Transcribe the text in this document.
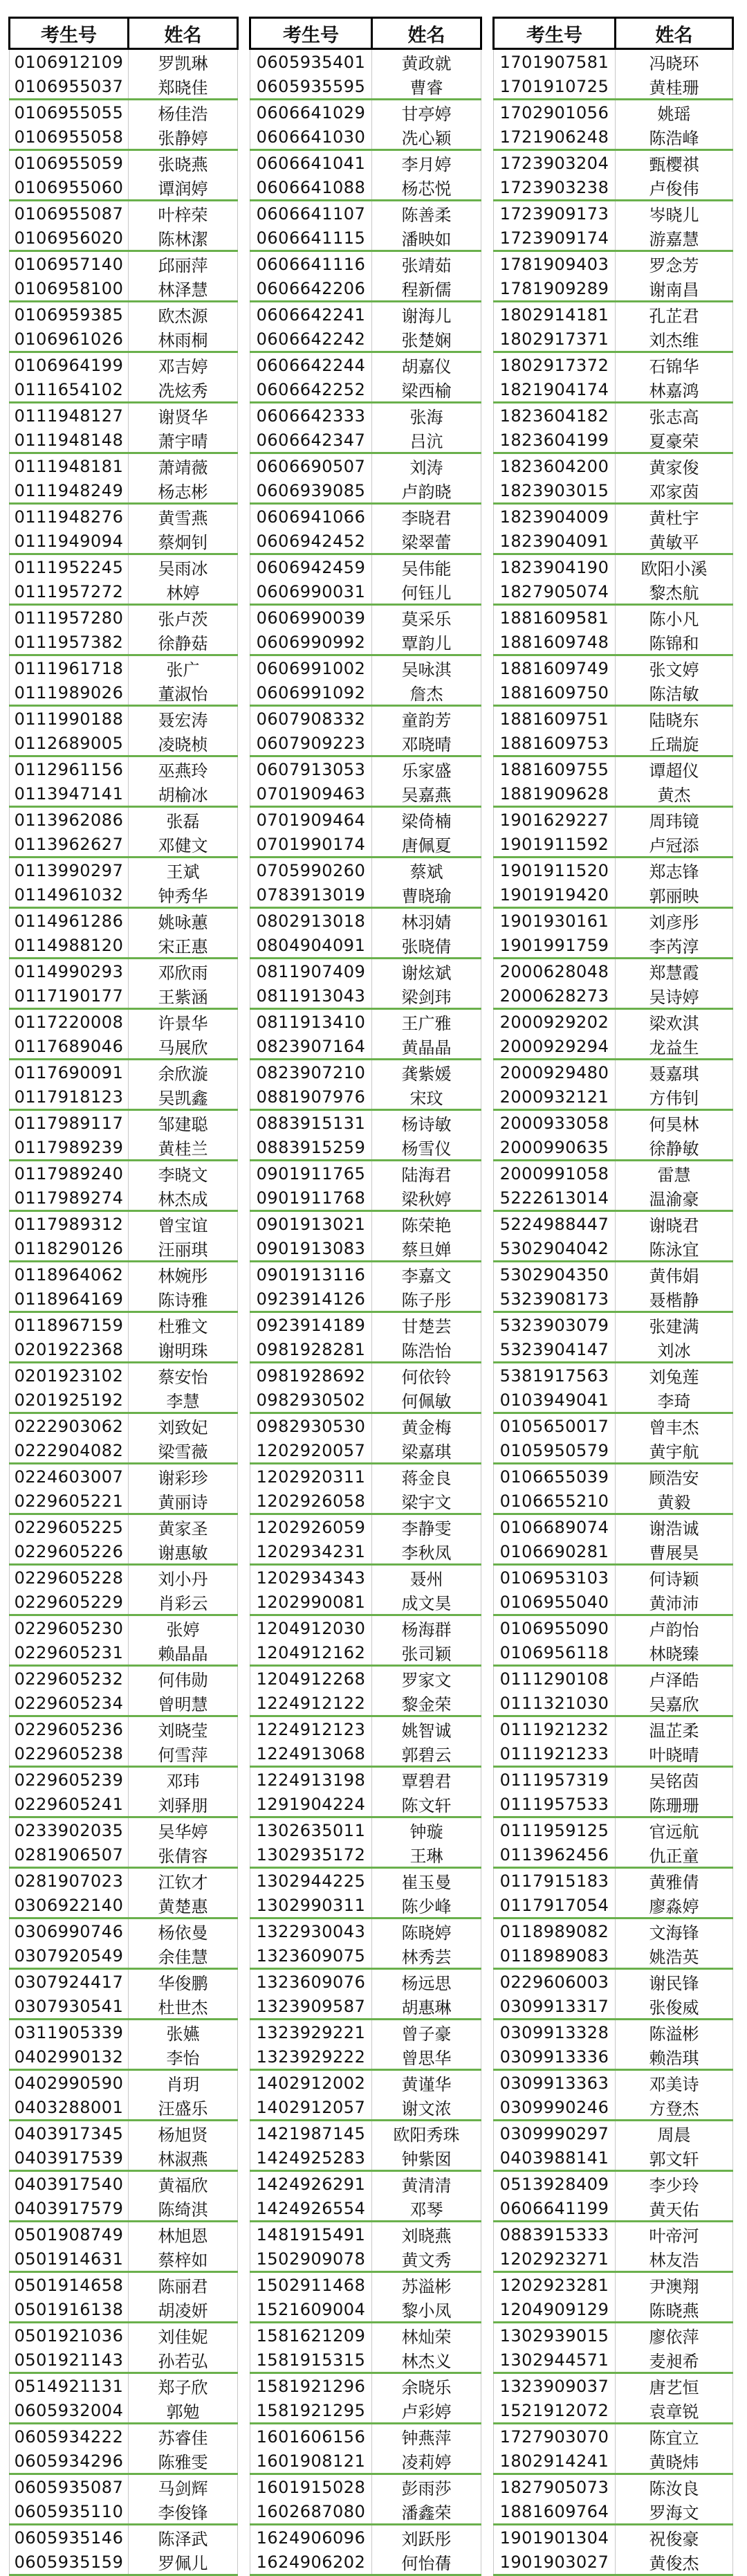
考生号	姓名
0106912109	罗凯琳
0106955037	郑晓佳
0106955055	杨佳浩
0106955058	张静婷
0106955059	张晓燕
0106955060	谭润婷
0106955087	叶梓荣
0106956020	陈林潔
0106957140	邱丽萍
0106958100	林泽慧
0106959385	欧杰源
0106961026	林雨桐
0106964199	邓吉婷
0111654102	冼炫秀
0111948127	谢贤华
0111948148	萧宇晴
0111948181	萧靖薇
0111948249	杨志彬
0111948276	黄雪燕
0111949094	蔡炯钊
0111952245	吴雨冰
0111957272	林婷
0111957280	张卢茨
0111957382	徐静菇
0111961718	张广
0111989026	董淑怡
0111990188	聂宏涛
0112689005	凌晓桢
0112961156	巫燕玲
0113947141	胡榆冰
0113962086	张磊
0113962627	邓健文
0113990297	王斌
0114961032	钟秀华
0114961286	姚咏蕙
0114988120	宋正惠
0114990293	邓欣雨
0117190177	王紫涵
0117220008	许景华
0117689046	马展欣
0117690091	余欣漩
0117918123	吴凯鑫
0117989117	邹建聪
0117989239	黄桂兰
0117989240	李晓文
0117989274	林杰成
0117989312	曾宝谊
0118290126	汪丽琪
0118964062	林婉彤
0118964169	陈诗雅
0118967159	杜雅文
0201922368	谢明珠
0201923102	蔡安怡
0201925192	李慧
0222903062	刘致妃
0222904082	梁雪薇
0224603007	谢彩珍
0229605221	黄丽诗
0229605225	黄家圣
0229605226	谢惠敏
0229605228	刘小丹
0229605229	肖彩云
0229605230	张婷
0229605231	赖晶晶
0229605232	何伟勋
0229605234	曾明慧
0229605236	刘晓莹
0229605238	何雪萍
0229605239	邓玮
0229605241	刘驿朋
0233902035	吴华婷
0281906507	张倩容
0281907023	江钦才
0306922140	黄楚惠
0306990746	杨依曼
0307920549	余佳慧
0307924417	华俊鹏
0307930541	杜世杰
0311905339	张嬿
0402990132	李怡
0402990590	肖玥
0403288001	汪盛乐
0403917345	杨旭贤
0403917539	林淑燕
0403917540	黄福欣
0403917579	陈绮淇
0501908749	林旭恩
0501914631	蔡梓如
0501914658	陈丽君
0501916138	胡凌妍
0501921036	刘佳妮
0501921143	孙若弘
0514921131	郑子欣
0605932004	郭勉
0605934222	苏睿佳
0605934296	陈雅雯
0605935087	马剑辉
0605935110	李俊锋
0605935146	陈泽武
0605935159	罗佩儿
考生号	姓名
0605935401	黄政就
0605935595	曹睿
0606641029	甘亭婷
0606641030	冼心颖
0606641041	李月婷
0606641088	杨芯悦
0606641107	陈善柔
0606641115	潘映如
0606641116	张靖茹
0606642206	程新儒
0606642241	谢海儿
0606642242	张楚娴
0606642244	胡嘉仪
0606642252	梁西榆
0606642333	张海
0606642347	吕沆
0606690507	刘涛
0606939085	卢韵晓
0606941066	李晓君
0606942452	梁翠蕾
0606942459	吴伟能
0606990031	何钰儿
0606990039	莫采乐
0606990992	覃韵儿
0606991002	吴咏淇
0606991092	詹杰
0607908332	童韵芳
0607909223	邓晓晴
0607913053	乐家盛
0701909463	吴嘉燕
0701909464	梁倚楠
0701990174	唐佩夏
0705990260	蔡斌
0783913019	曹晓瑜
0802913018	林羽婧
0804904091	张晓倩
0811907409	谢炫斌
0811913043	梁剑玮
0811913410	王广雅
0823907164	黄晶晶
0823907210	龚紫媛
0881907976	宋玟
0883915131	杨诗敏
0883915259	杨雪仪
0901911765	陆海君
0901911768	梁秋婷
0901913021	陈荣艳
0901913083	蔡旦婵
0901913116	李嘉文
0923914126	陈子彤
0923914189	甘楚芸
0981928281	陈浩怡
0981928692	何依铃
0982930502	何佩敏
0982930530	黄金梅
1202920057	梁嘉琪
1202920311	蒋金良
1202926058	梁宇文
1202926059	李静雯
1202934231	李秋凤
1202934343	聂州
1202990081	成文昊
1204912030	杨海群
1204912162	张司颖
1204912268	罗家文
1224912122	黎金荣
1224912123	姚智诚
1224913068	郭碧云
1224913198	覃碧君
1291904224	陈文轩
1302635011	钟璇
1302935172	王琳
1302944225	崔玉曼
1302990311	陈少峰
1322930043	陈晓婷
1323609075	林秀芸
1323609076	杨远思
1323909587	胡惠琳
1323929221	曾子豪
1323929222	曾思华
1402912002	黄谨华
1402912057	谢文浓
1421987145	欧阳秀珠
1424925283	钟紫囡
1424926291	黄清清
1424926554	邓琴
1481915491	刘晓燕
1502909078	黄文秀
1502911468	苏溢彬
1521609004	黎小凤
1581621209	林灿荣
1581915315	林杰义
1581921296	余晓乐
1581921295	卢彩婷
1601606156	钟燕萍
1601908121	凌莉婷
1601915028	彭雨莎
1602687080	潘鑫荣
1624906096	刘跃彤
1624906202	何怡蒨
考生号	姓名
1701907581	冯晓环
1701910725	黄桂珊
1702901056	姚瑶
1721906248	陈浩峰
1723903204	甄樱祺
1723903238	卢俊伟
1723909173	岑晓儿
1723909174	游嘉慧
1781909403	罗念芳
1781909289	谢南昌
1802914181	孔芷君
1802917371	刘杰维
1802917372	石锦华
1821904174	林嘉鸿
1823604182	张志高
1823604199	夏豪荣
1823604200	黄家俊
1823903015	邓家茵
1823904009	黄杜宇
1823904091	黄敏平
1823904190	欧阳小溪
1827905074	黎杰航
1881609581	陈小凡
1881609748	陈锦和
1881609749	张文婷
1881609750	陈洁敏
1881609751	陆晓东
1881609753	丘瑞旋
1881609755	谭超仪
1881909628	黄杰
1901629227	周玮镜
1901911592	卢冠添
1901911520	郑志锋
1901919420	郭丽映
1901930161	刘彦彤
1901991759	李芮淳
2000628048	郑慧霞
2000628273	吴诗婷
2000929202	梁欢淇
2000929294	龙益生
2000929480	聂嘉琪
2000932121	方伟钊
2000933058	何昊林
2000990635	徐静敏
2000991058	雷慧
5222613014	温渝豪
5224988447	谢晓君
5302904042	陈泳宜
5302904350	黄伟娟
5323908173	聂楷静
5323903079	张建满
5323904147	刘冰
5381917563	刘兔莲
0103949041	李琦
0105650017	曾丰杰
0105950579	黄宇航
0106655039	顾浩安
0106655210	黄毅
0106689074	谢浩诚
0106690281	曹展昊
0106953103	何诗颖
0106955040	黄沛沛
0106955090	卢韵怡
0106956118	林晓臻
0111290108	卢泽皓
0111321030	吴嘉欣
0111921232	温芷柔
0111921233	叶晓晴
0111957319	吴铭茵
0111957533	陈珊珊
0111959125	官远航
0113962456	仇正童
0117915183	黄雅倩
0117917054	廖淼婷
0118989082	文海锋
0118989083	姚浩英
0229606003	谢民锋
0309913317	张俊威
0309913328	陈溢彬
0309913336	赖浩琪
0309913363	邓美诗
0309990246	方登杰
0309990297	周晨
0403988141	郭文轩
0513928409	李少玲
0606641199	黄天佑
0883915333	叶帝河
1202923271	林友浩
1202923281	尹澳翔
1204909129	陈晓燕
1302939015	廖依萍
1302944571	麦昶希
1323909037	唐艺恒
1521912072	袁章锐
1727903070	陈宜立
1802914241	黄晓炜
1827905073	陈汝良
1881609764	罗海文
1901901304	祝俊豪
1901903027	黄俊杰
